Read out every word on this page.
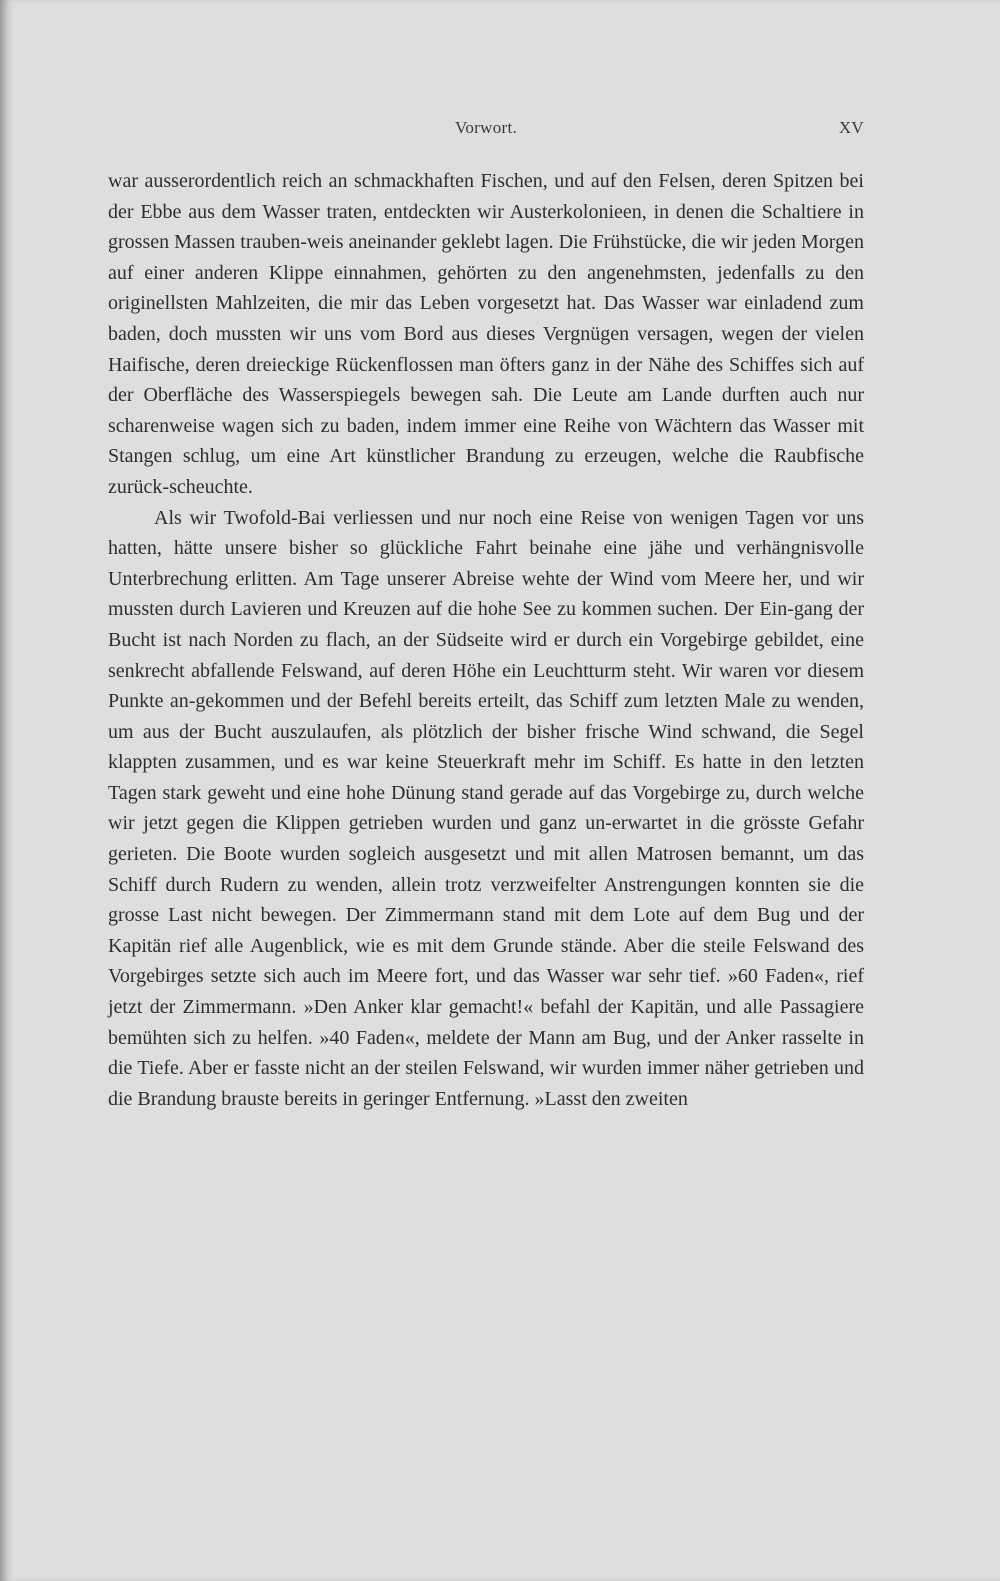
Vorwort.	XV

war ausserordentlich reich an schmackhaften Fischen, und auf den Felsen, deren Spitzen bei der Ebbe aus dem Wasser traten, entdeckten wir Austerkolonieen, in denen die Schaltiere in grossen Massen trauben-weis aneinander geklebt lagen. Die Frühstücke, die wir jeden Morgen auf einer anderen Klippe einnahmen, gehörten zu den angenehmsten, jedenfalls zu den originellsten Mahlzeiten, die mir das Leben vorgesetzt hat. Das Wasser war einladend zum baden, doch mussten wir uns vom Bord aus dieses Vergnügen versagen, wegen der vielen Haifische, deren dreieckige Rückenflossen man öfters ganz in der Nähe des Schiffes sich auf der Oberfläche des Wasserspiegels bewegen sah. Die Leute am Lande durften auch nur scharenweise wagen sich zu baden, indem immer eine Reihe von Wächtern das Wasser mit Stangen schlug, um eine Art künstlicher Brandung zu erzeugen, welche die Raubfische zurück-scheuchte.

Als wir Twofold-Bai verliessen und nur noch eine Reise von wenigen Tagen vor uns hatten, hätte unsere bisher so glückliche Fahrt beinahe eine jähe und verhängnisvolle Unterbrechung erlitten. Am Tage unserer Abreise wehte der Wind vom Meere her, und wir mussten durch Lavieren und Kreuzen auf die hohe See zu kommen suchen. Der Ein-gang der Bucht ist nach Norden zu flach, an der Südseite wird er durch ein Vorgebirge gebildet, eine senkrecht abfallende Felswand, auf deren Höhe ein Leuchtturm steht. Wir waren vor diesem Punkte an-gekommen und der Befehl bereits erteilt, das Schiff zum letzten Male zu wenden, um aus der Bucht auszulaufen, als plötzlich der bisher frische Wind schwand, die Segel klappten zusammen, und es war keine Steuerkraft mehr im Schiff. Es hatte in den letzten Tagen stark geweht und eine hohe Dünung stand gerade auf das Vorgebirge zu, durch welche wir jetzt gegen die Klippen getrieben wurden und ganz un-erwartet in die grösste Gefahr gerieten. Die Boote wurden sogleich ausgesetzt und mit allen Matrosen bemannt, um das Schiff durch Rudern zu wenden, allein trotz verzweifelter Anstrengungen konnten sie die grosse Last nicht bewegen. Der Zimmermann stand mit dem Lote auf dem Bug und der Kapitän rief alle Augenblick, wie es mit dem Grunde stände. Aber die steile Felswand des Vorgebirges setzte sich auch im Meere fort, und das Wasser war sehr tief. »60 Faden«, rief jetzt der Zimmermann. »Den Anker klar gemacht!« befahl der Kapitän, und alle Passagiere bemühten sich zu helfen. »40 Faden«, meldete der Mann am Bug, und der Anker rasselte in die Tiefe. Aber er fasste nicht an der steilen Felswand, wir wurden immer näher getrieben und die Brandung brauste bereits in geringer Entfernung. »Lasst den zweiten
